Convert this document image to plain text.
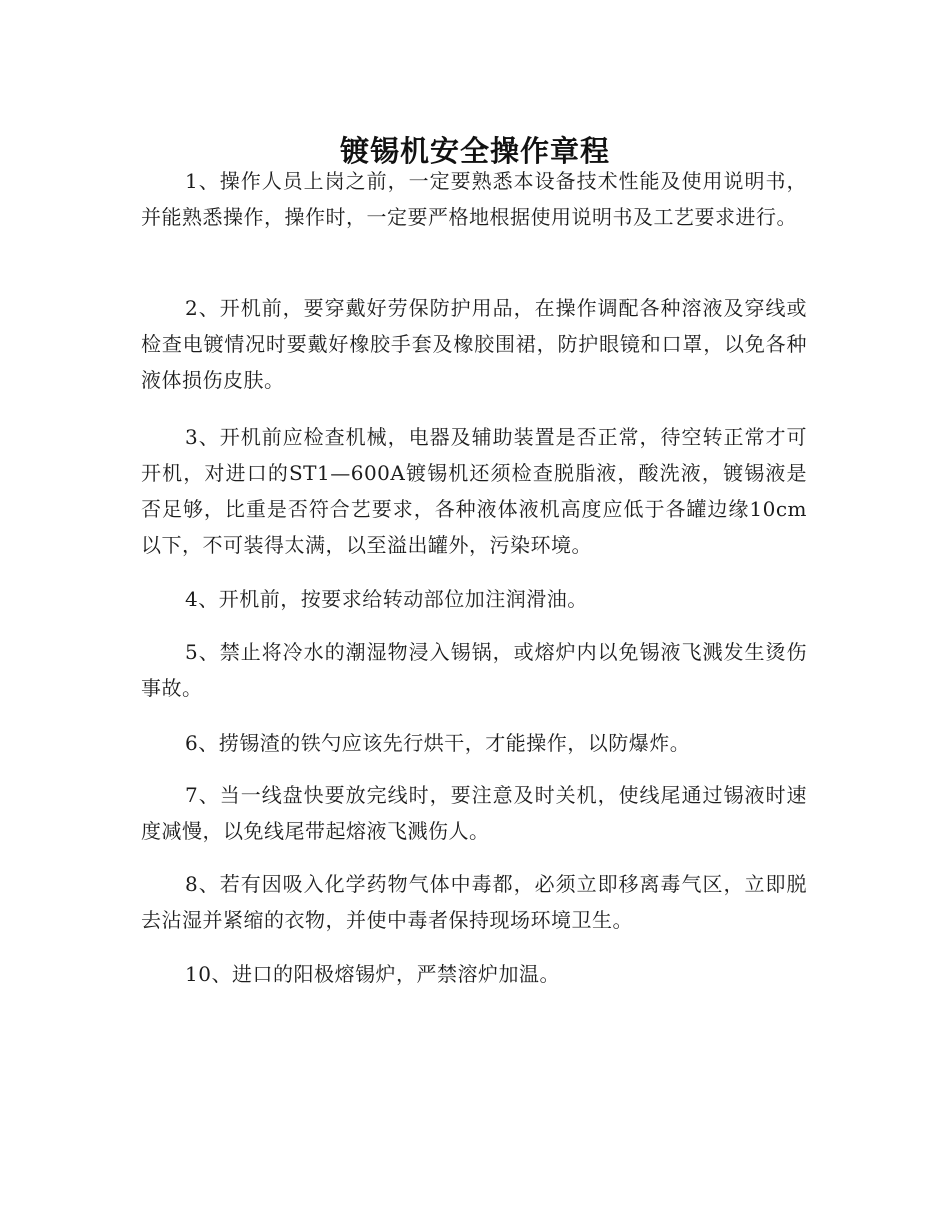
镀锡机安全操作章程

1、操作人员上岗之前，一定要熟悉本设备技术性能及使用说明书，并能熟悉操作，操作时，一定要严格地根据使用说明书及工艺要求进行。

2、开机前，要穿戴好劳保防护用品，在操作调配各种溶液及穿线或检查电镀情况时要戴好橡胶手套及橡胶围裙，防护眼镜和口罩，以免各种液体损伤皮肤。

3、开机前应检查机械，电器及辅助装置是否正常，待空转正常才可开机，对进口的ST1—600A镀锡机还须检查脱脂液，酸洗液，镀锡液是否足够，比重是否符合艺要求，各种液体液机高度应低于各罐边缘10cm以下，不可装得太满，以至溢出罐外，污染环境。

4、开机前，按要求给转动部位加注润滑油。

5、禁止将冷水的潮湿物浸入锡锅，或熔炉内以免锡液飞溅发生烫伤事故。

6、捞锡渣的铁勺应该先行烘干，才能操作，以防爆炸。

7、当一线盘快要放完线时，要注意及时关机，使线尾通过锡液时速度减慢，以免线尾带起熔液飞溅伤人。

8、若有因吸入化学药物气体中毒都，必须立即移离毒气区，立即脱去沾湿并紧缩的衣物，并使中毒者保持现场环境卫生。

10、进口的阳极熔锡炉，严禁溶炉加温。
